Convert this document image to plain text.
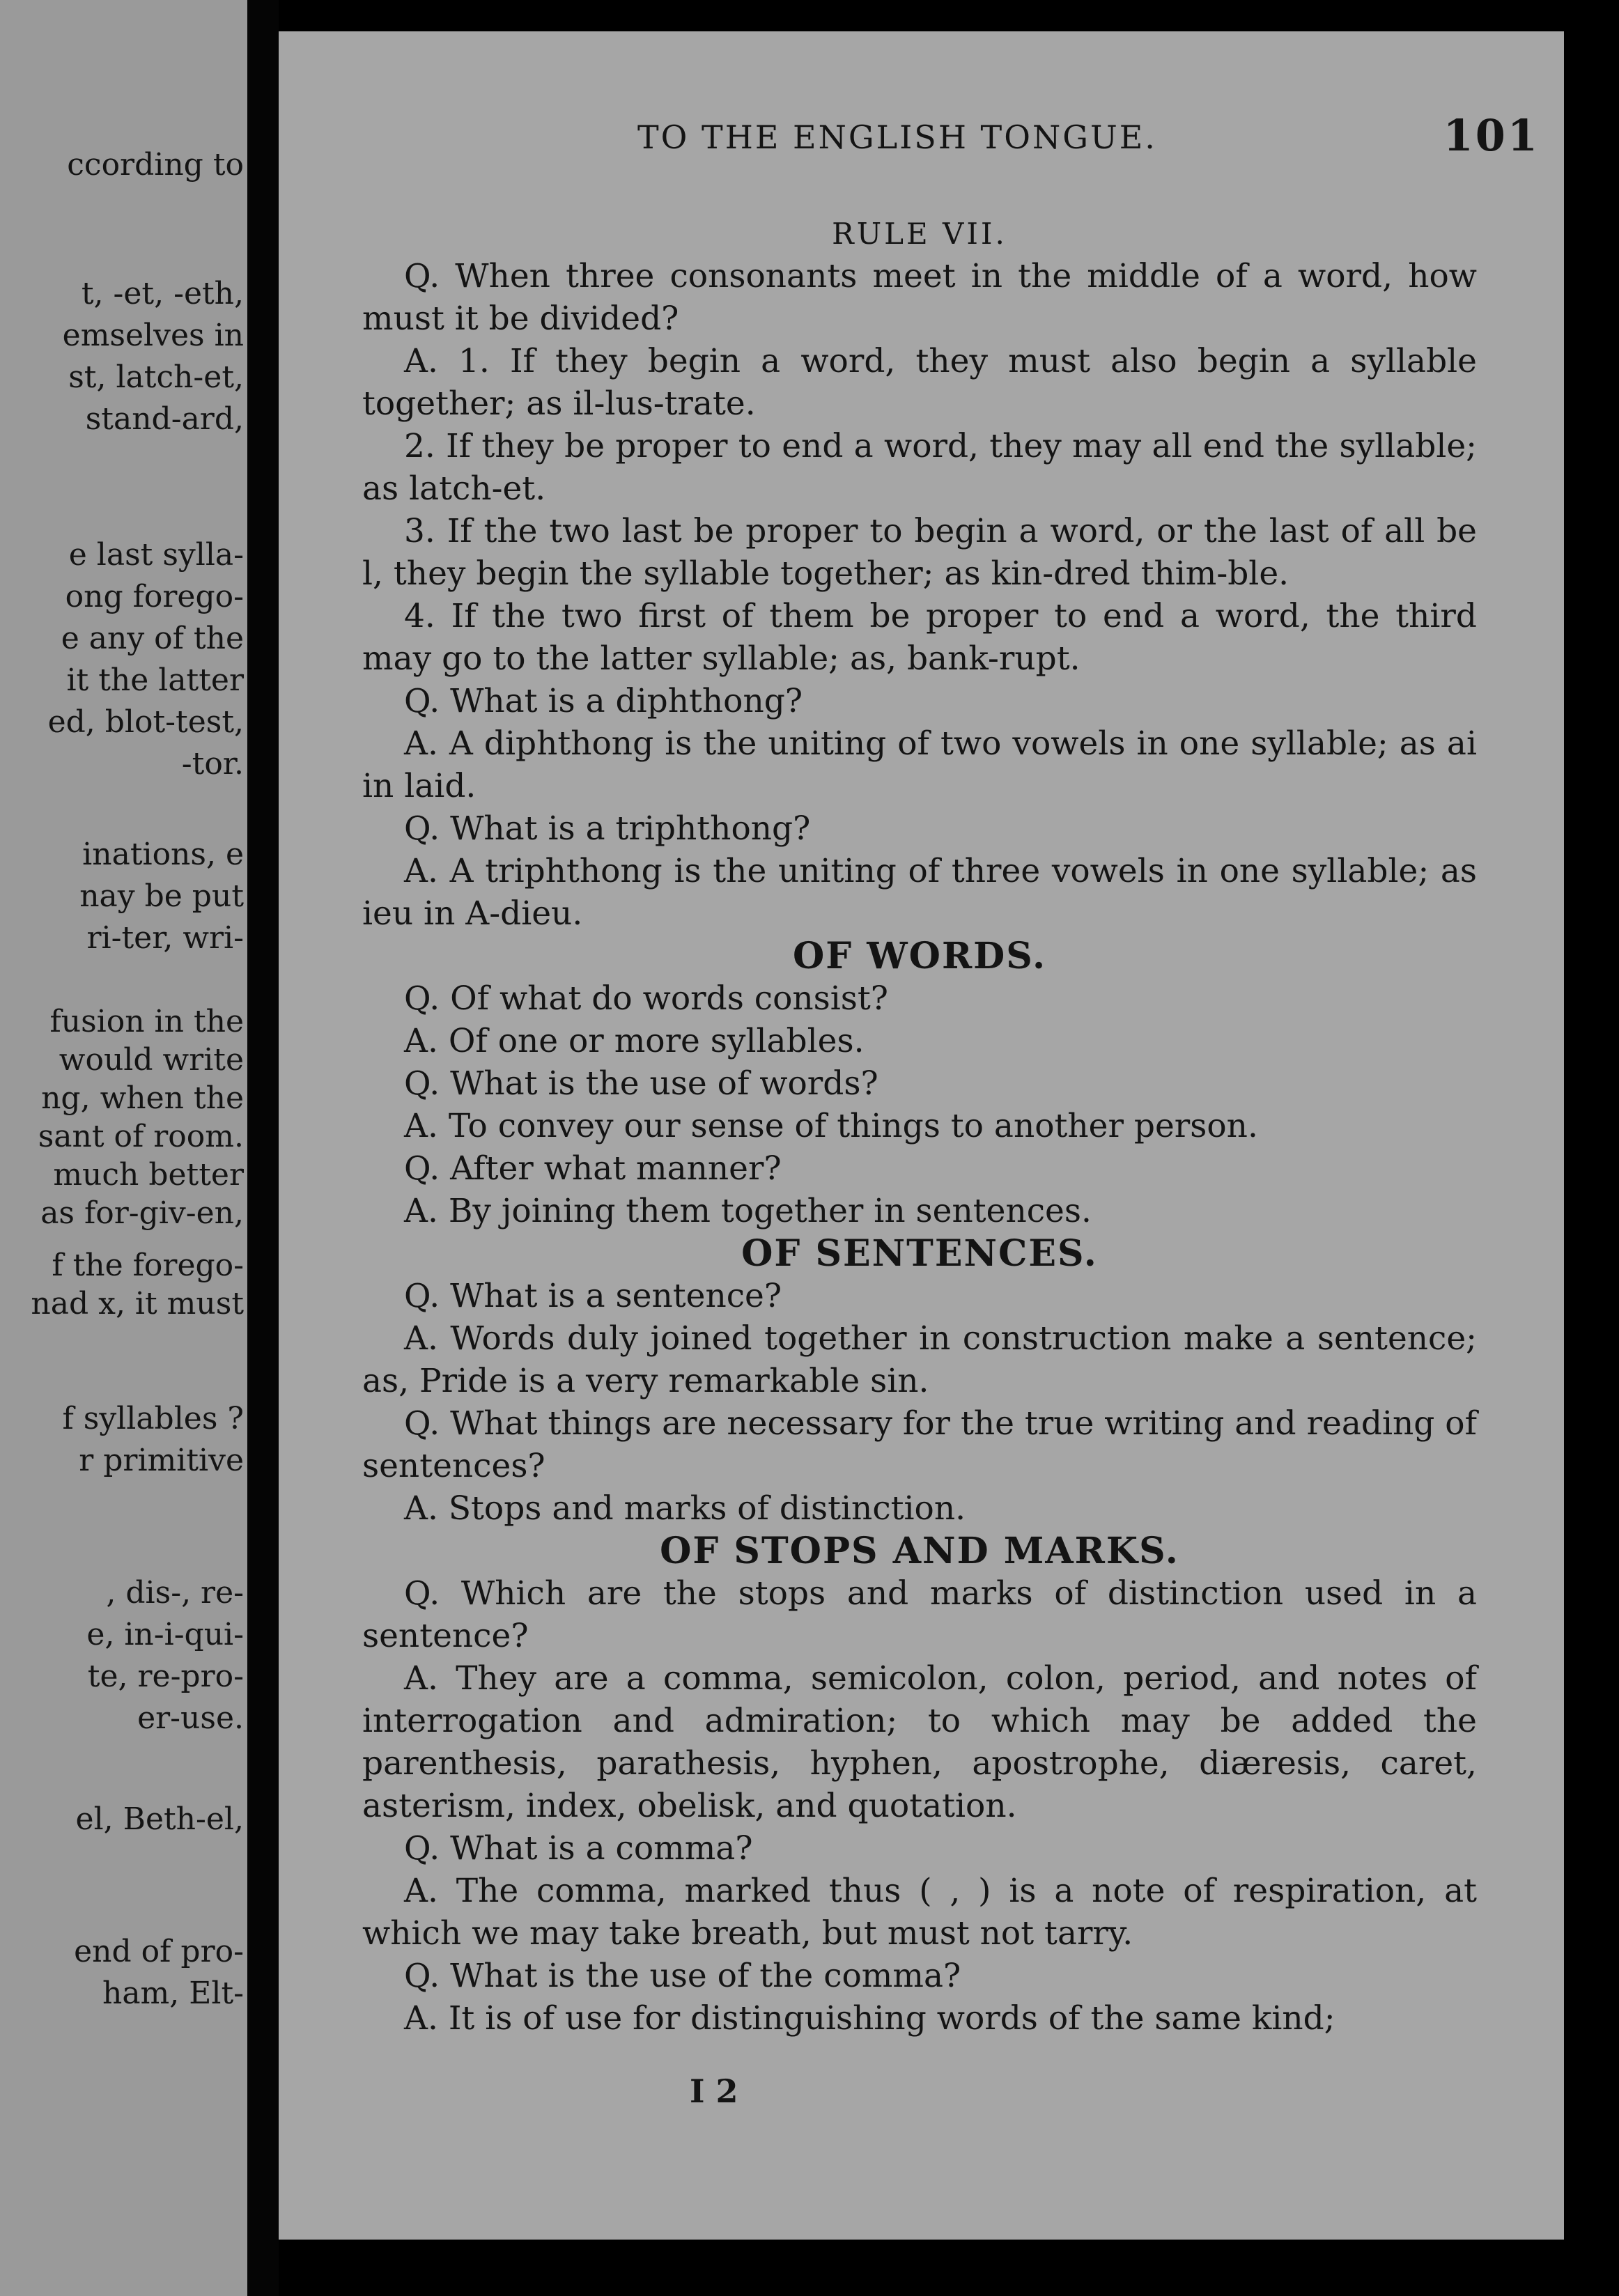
ccording to
t, -et, -eth,
emselves in
st, latch-et,
stand-ard,
e last sylla-
ong forego-
e any of the
it the latter
ed, blot-test,
-tor.
inations, e
nay be put
ri-ter, wri-
fusion in the
would write
ng, when the
sant of room.
much better
as for-giv-en,
f the forego-
nad x, it must
f syllables ?
r primitive
, dis-, re-
e, in-i-qui-
te, re-pro-
er-use.
el, Beth-el,
end of pro-
ham, Elt-
TO THE ENGLISH TONGUE.	101

RULE VII.

Q. When three consonants meet in the middle of a word, how must it be divided?

A. 1. If they begin a word, they must also begin a syllable together; as il-lus-trate.

2. If they be proper to end a word, they may all end the syllable; as latch-et.

3. If the two last be proper to begin a word, or the last of all be l, they begin the syllable together; as kin-dred thim-ble.

4. If the two first of them be proper to end a word, the third may go to the latter syllable; as, bank-rupt.

Q. What is a diphthong?

A. A diphthong is the uniting of two vowels in one syllable; as ai in laid.

Q. What is a triphthong?

A. A triphthong is the uniting of three vowels in one syllable; as ieu in A-dieu.

OF WORDS.

Q. Of what do words consist?

A. Of one or more syllables.

Q. What is the use of words?

A. To convey our sense of things to another person.

Q. After what manner?

A. By joining them together in sentences.

OF SENTENCES.

Q. What is a sentence?

A. Words duly joined together in construction make a sentence; as, Pride is a very remarkable sin.

Q. What things are necessary for the true writing and reading of sentences?

A. Stops and marks of distinction.

OF STOPS AND MARKS.

Q. Which are the stops and marks of distinction used in a sentence?

A. They are a comma, semicolon, colon, period, and notes of interrogation and admiration; to which may be added the parenthesis, parathesis, hyphen, apostrophe, diæresis, caret, asterism, index, obelisk, and quotation.

Q. What is a comma?

A. The comma, marked thus ( , ) is a note of respiration, at which we may take breath, but must not tarry.

Q. What is the use of the comma?

A. It is of use for distinguishing words of the same kind;

I 2
